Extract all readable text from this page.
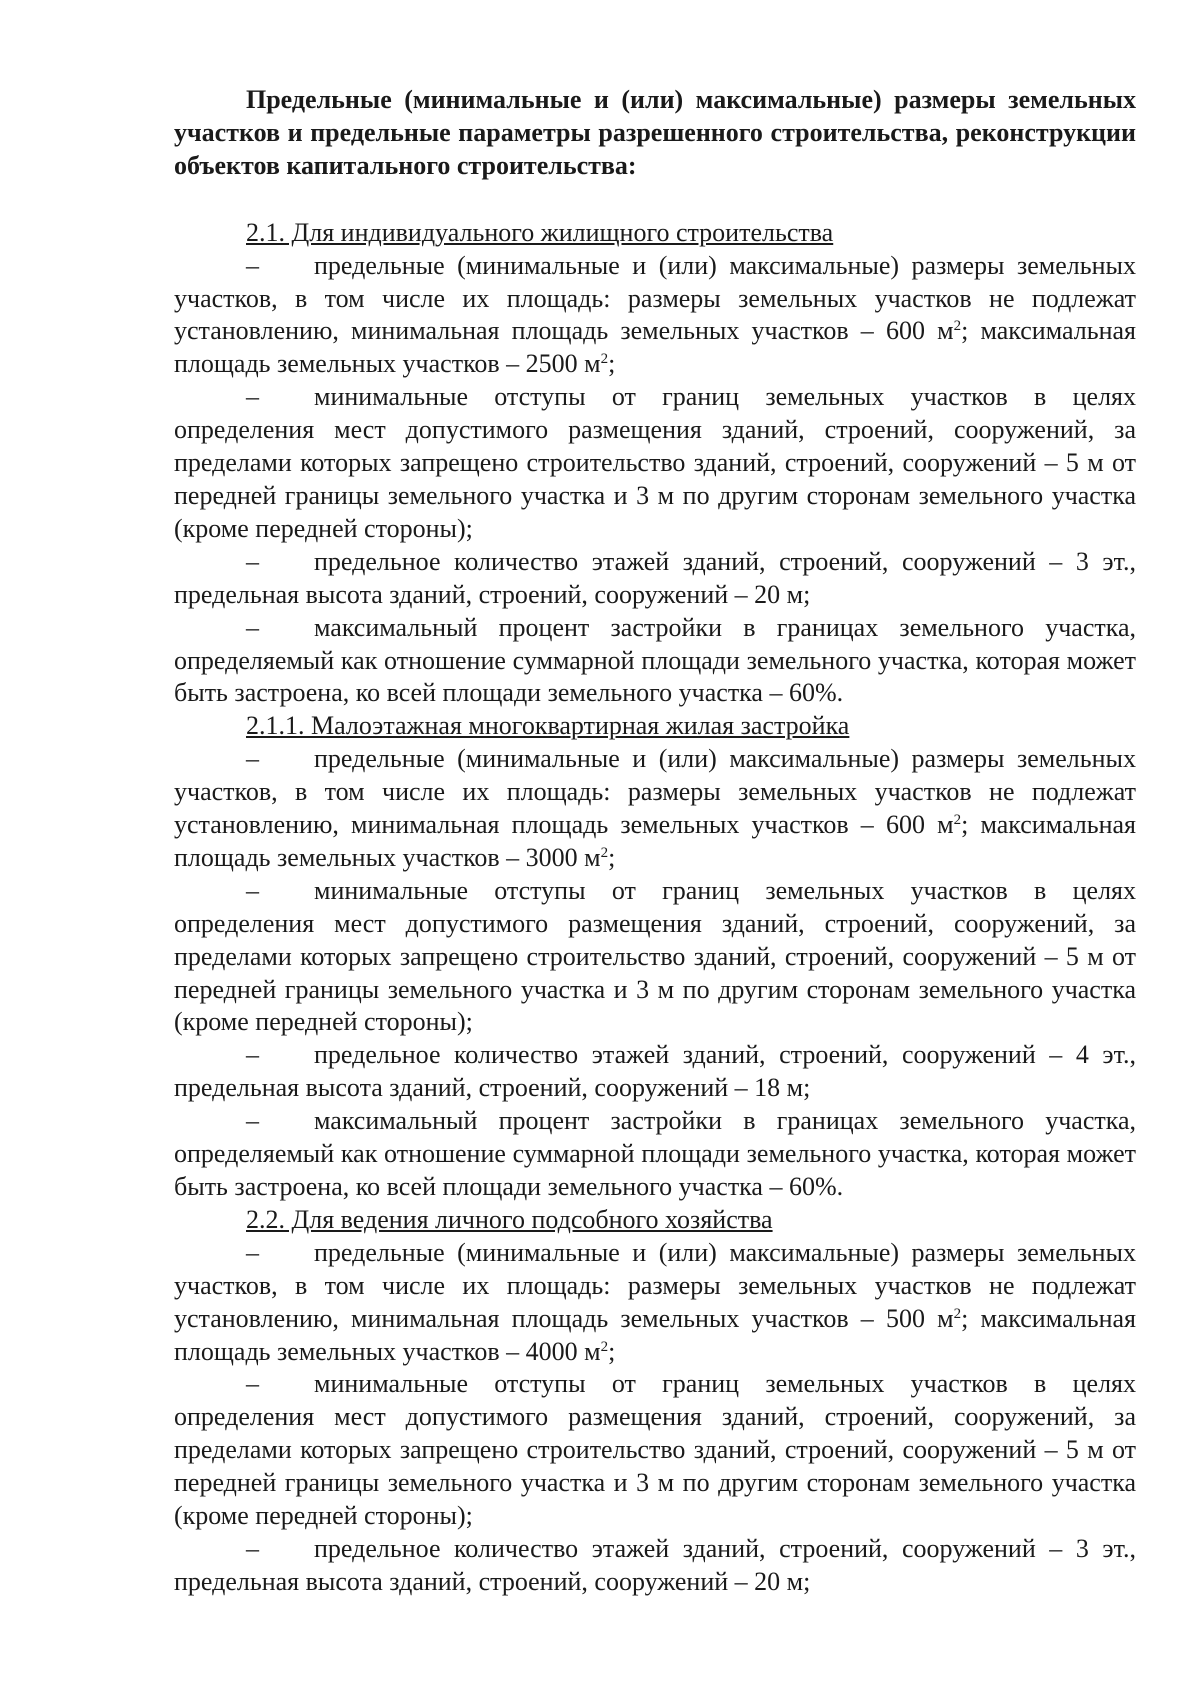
Предельные (минимальные и (или) максимальные) размеры земельных участков и предельные параметры разрешенного строительства, реконструкции объектов капитального строительства:

2.1. Для индивидуального жилищного строительства

– предельные (минимальные и (или) максимальные) размеры земельных участков, в том числе их площадь: размеры земельных участков не подлежат установлению, минимальная площадь земельных участков – 600 $м^2$; максимальная площадь земельных участков – 2500 $м^2$;

– минимальные отступы от границ земельных участков в целях определения мест допустимого размещения зданий, строений, сооружений, за пределами которых запрещено строительство зданий, строений, сооружений – 5 м от передней границы земельного участка и 3 м по другим сторонам земельного участка (кроме передней стороны);

– предельное количество этажей зданий, строений, сооружений – 3 эт., предельная высота зданий, строений, сооружений – 20 м;

– максимальный процент застройки в границах земельного участка, определяемый как отношение суммарной площади земельного участка, которая может быть застроена, ко всей площади земельного участка – 60%.

2.1.1. Малоэтажная многоквартирная жилая застройка

– предельные (минимальные и (или) максимальные) размеры земельных участков, в том числе их площадь: размеры земельных участков не подлежат установлению, минимальная площадь земельных участков – 600 $м^2$; максимальная площадь земельных участков – 3000 $м^2$;

– минимальные отступы от границ земельных участков в целях определения мест допустимого размещения зданий, строений, сооружений, за пределами которых запрещено строительство зданий, строений, сооружений – 5 м от передней границы земельного участка и 3 м по другим сторонам земельного участка (кроме передней стороны);

– предельное количество этажей зданий, строений, сооружений – 4 эт., предельная высота зданий, строений, сооружений – 18 м;

– максимальный процент застройки в границах земельного участка, определяемый как отношение суммарной площади земельного участка, которая может быть застроена, ко всей площади земельного участка – 60%.

2.2. Для ведения личного подсобного хозяйства

– предельные (минимальные и (или) максимальные) размеры земельных участков, в том числе их площадь: размеры земельных участков не подлежат установлению, минимальная площадь земельных участков – 500 $м^2$; максимальная площадь земельных участков – 4000 $м^2$;

– минимальные отступы от границ земельных участков в целях определения мест допустимого размещения зданий, строений, сооружений, за пределами которых запрещено строительство зданий, строений, сооружений – 5 м от передней границы земельного участка и 3 м по другим сторонам земельного участка (кроме передней стороны);

– предельное количество этажей зданий, строений, сооружений – 3 эт., предельная высота зданий, строений, сооружений – 20 м;
